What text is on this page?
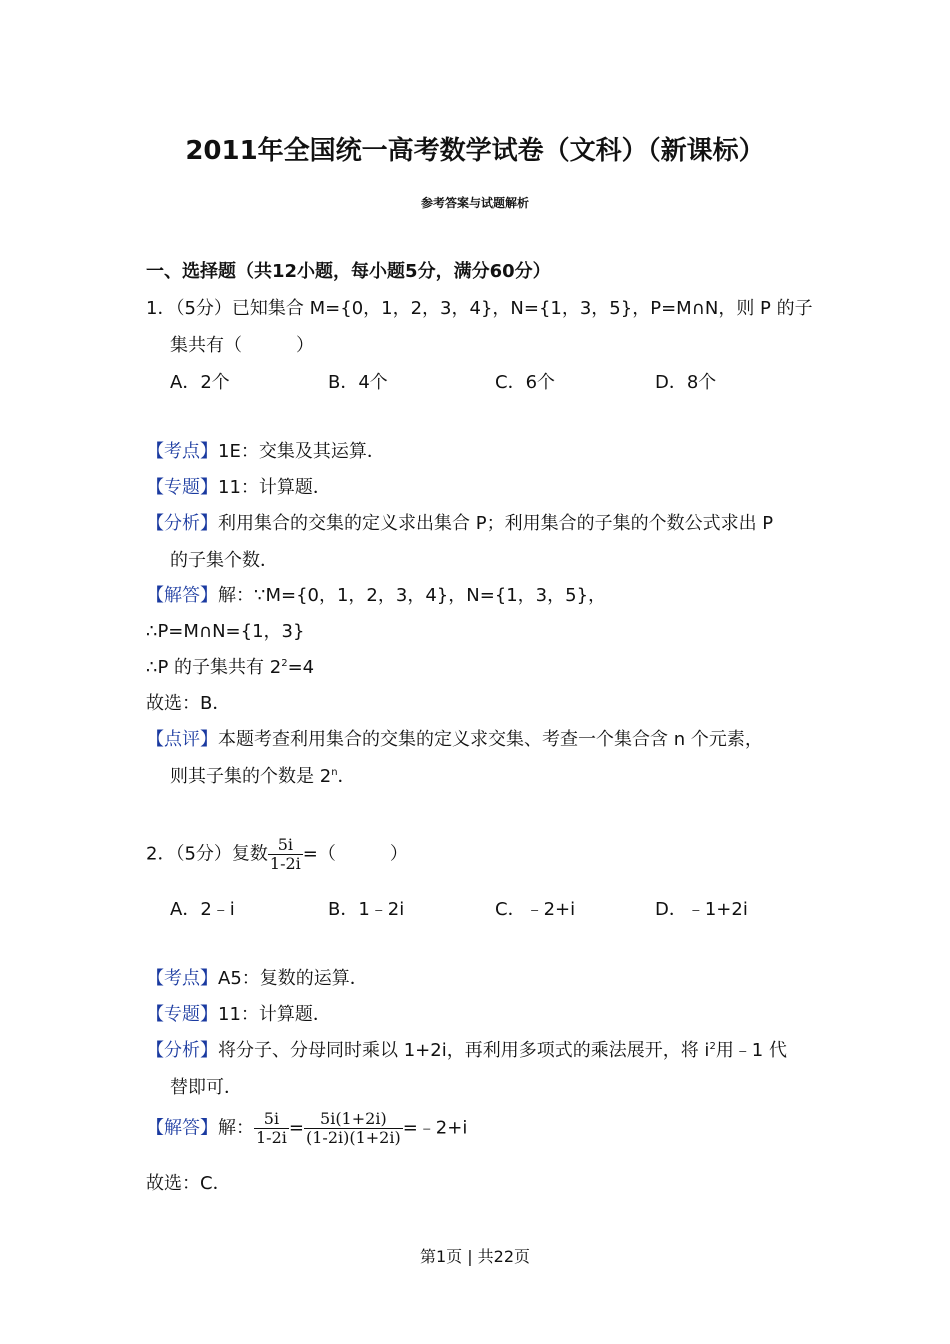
2011年全国统一高考数学试卷（文科）（新课标）
参考答案与试题解析
一、选择题（共12小题，每小题5分，满分60分）
1．（5分）已知集合 M={0，1，2，3，4}，N={1，3，5}，P=M∩N，则 P 的子
集共有（　　　）
A．2个	B．4个	C．6个	D．8个
【考点】1E：交集及其运算．
【专题】11：计算题．
【分析】利用集合的交集的定义求出集合 P；利用集合的子集的个数公式求出 P
的子集个数．
【解答】解：∵M={0，1，2，3，4}，N={1，3，5}，
∴P=M∩N={1，3}
∴P 的子集共有 $2^2=4$
故选：B．
【点评】本题考查利用集合的交集的定义求交集、考查一个集合含 n 个元素，
则其子集的个数是 2$^n$．
2．（5分）复数 $\frac{5i}{1-2i}$ =（　　　）
A．2﹣i	B．1﹣2i	C．﹣2+i	D．﹣1+2i
【考点】A5：复数的运算．
【专题】11：计算题．
【分析】将分子、分母同时乘以 1+2i，再利用多项式的乘法展开，将 $i^2$用﹣1 代
替即可．
【解答】解： $\frac{5i}{1-2i} = \frac{5i(1+2i)}{(1-2i)(1+2i)}$ =﹣2+i
故选：C．
第1页 | 共22页
